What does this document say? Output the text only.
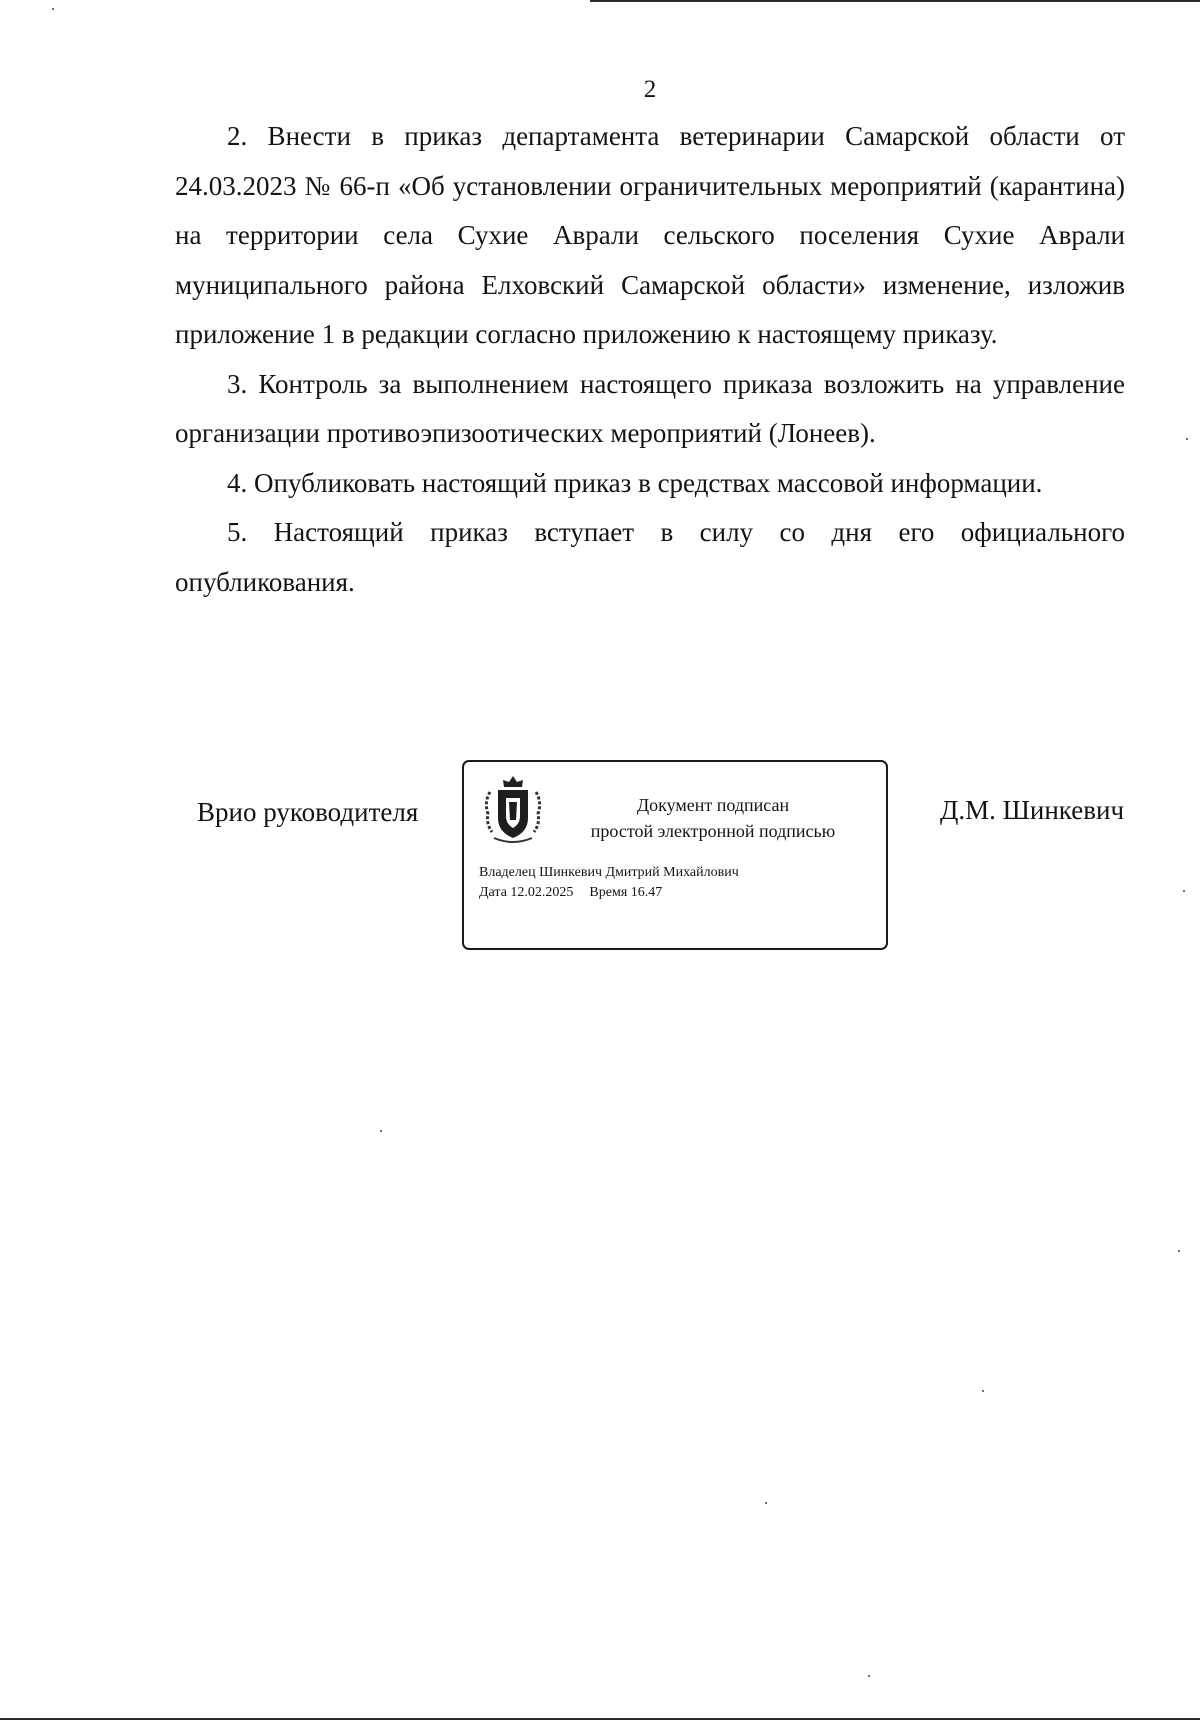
2

2. Внести в приказ департамента ветеринарии Самарской области от 24.03.2023 № 66-п «Об установлении ограничительных мероприятий (карантина) на территории села Сухие Аврали сельского поселения Сухие Аврали муниципального района Елховский Самарской области» изменение, изложив приложение 1 в редакции согласно приложению к настоящему приказу.

3. Контроль за выполнением настоящего приказа возложить на управление организации противоэпизоотических мероприятий (Лонеев).

4. Опубликовать настоящий приказ в средствах массовой информации.

5. Настоящий приказ вступает в силу со дня его официального опубликования.

Врио руководителя	Документ подписан
простой электронной подписью
Владелец Шинкевич Дмитрий Михайлович
Дата 12.02.2025 Время 16.47
Д.М. Шинкевич
